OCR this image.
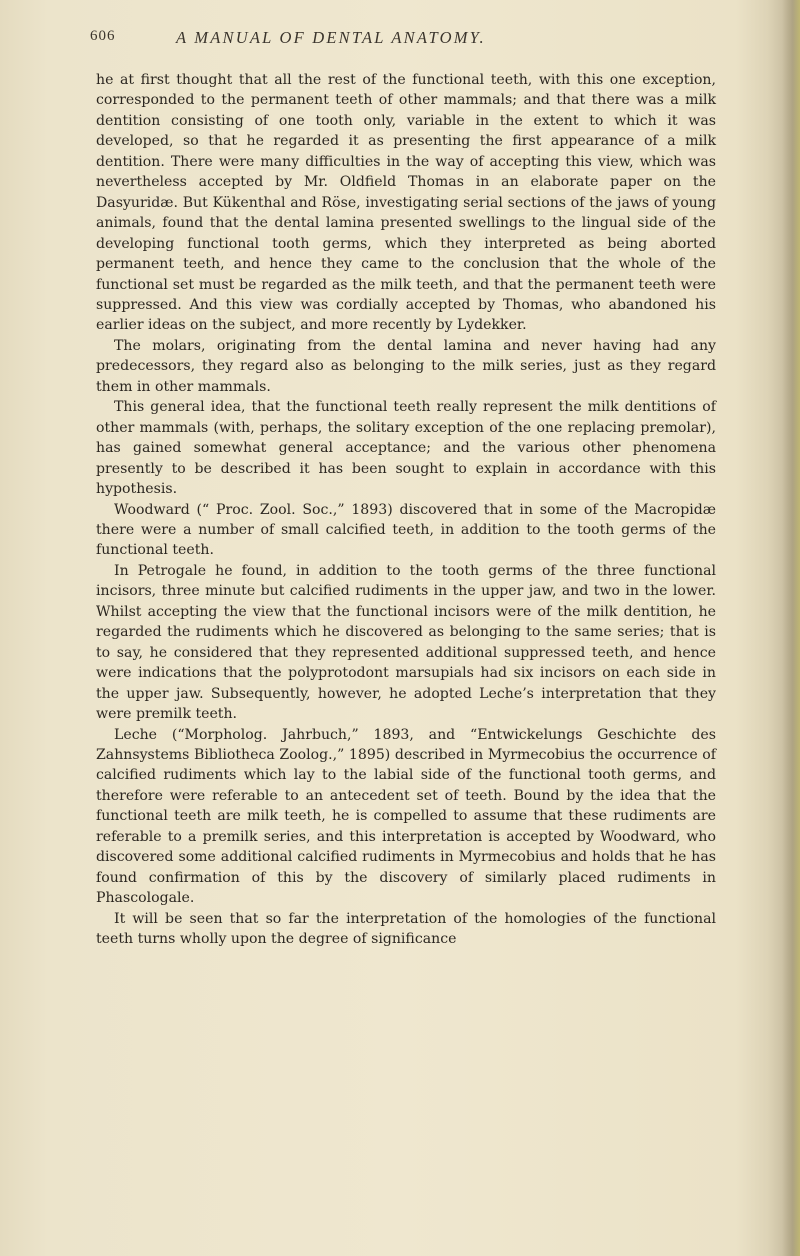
606	A MANUAL OF DENTAL ANATOMY.

he at first thought that all the rest of the functional teeth, with this one exception, corresponded to the permanent teeth of other mammals; and that there was a milk dentition consisting of one tooth only, variable in the extent to which it was developed, so that he regarded it as presenting the first appearance of a milk dentition. There were many difficulties in the way of accepting this view, which was nevertheless accepted by Mr. Oldfield Thomas in an elaborate paper on the Dasyuridæ. But Kükenthal and Röse, investigating serial sections of the jaws of young animals, found that the dental lamina presented swellings to the lingual side of the developing functional tooth germs, which they interpreted as being aborted permanent teeth, and hence they came to the conclusion that the whole of the functional set must be regarded as the milk teeth, and that the permanent teeth were suppressed. And this view was cordially accepted by Thomas, who abandoned his earlier ideas on the subject, and more recently by Lydekker.

The molars, originating from the dental lamina and never having had any predecessors, they regard also as belonging to the milk series, just as they regard them in other mammals.

This general idea, that the functional teeth really represent the milk dentitions of other mammals (with, perhaps, the solitary exception of the one replacing premolar), has gained somewhat general acceptance; and the various other phenomena presently to be described it has been sought to explain in accordance with this hypothesis.

Woodward (“ Proc. Zool. Soc.,” 1893) discovered that in some of the Macropidæ there were a number of small calcified teeth, in addition to the tooth germs of the functional teeth.

In Petrogale he found, in addition to the tooth germs of the three functional incisors, three minute but calcified rudiments in the upper jaw, and two in the lower. Whilst accepting the view that the functional incisors were of the milk dentition, he regarded the rudiments which he discovered as belonging to the same series; that is to say, he considered that they represented additional suppressed teeth, and hence were indications that the polyprotodont marsupials had six incisors on each side in the upper jaw. Subsequently, however, he adopted Leche’s interpretation that they were premilk teeth.

Leche (“Morpholog. Jahrbuch,” 1893, and “Entwickelungs Geschichte des Zahnsystems Bibliotheca Zoolog.,” 1895) described in Myrmecobius the occurrence of calcified rudiments which lay to the labial side of the functional tooth germs, and therefore were referable to an antecedent set of teeth. Bound by the idea that the functional teeth are milk teeth, he is compelled to assume that these rudiments are referable to a premilk series, and this interpretation is accepted by Woodward, who discovered some additional calcified rudiments in Myrmecobius and holds that he has found confirmation of this by the discovery of similarly placed rudiments in Phascologale.

It will be seen that so far the interpretation of the homologies of the functional teeth turns wholly upon the degree of significance
